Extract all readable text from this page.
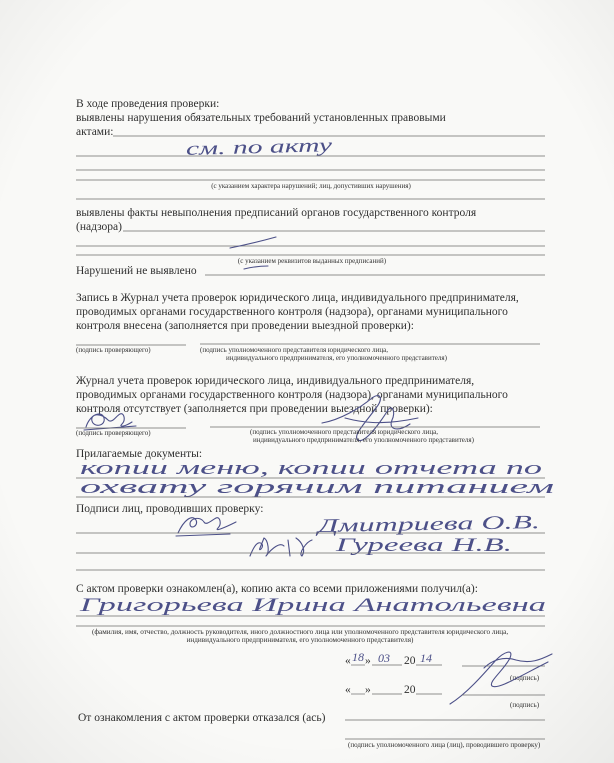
В ходе проведения проверки:
выявлены нарушения обязательных требований установленных правовыми
актами:
см. по акту
(с указанием характера нарушений; лиц, допустивших нарушения)
выявлены факты невыполнения предписаний органов государственного контроля
(надзора)
(с указанием реквизитов выданных предписаний)
Нарушений не выявлено
Запись в Журнал учета проверок юридического лица, индивидуального предпринимателя,
проводимых органами государственного контроля (надзора), органами муниципального
контроля внесена (заполняется при проведении выездной проверки):
(подпись проверяющего)	(подпись уполномоченного представителя юридического лица,
индивидуального предпринимателя, его уполномоченного представителя)
Журнал учета проверок юридического лица, индивидуального предпринимателя,
проводимых органами государственного контроля (надзора), органами муниципального
контроля отсутствует (заполняется при проведении выездной проверки):
(подпись проверяющего)	(подпись уполномоченного представителя юридического лица,
индивидуального предпринимателя, его уполномоченного представителя)
Прилагаемые документы:
копии меню, копии отчета по
охвату горячим питанием
Подписи лиц, проводивших проверку:
Дмитриева О.В.
Гуреева Н.В.
С актом проверки ознакомлен(а), копию акта со всеми приложениями получил(а):
Григорьева Ирина Анатольевна
(фамилия, имя, отчество, должность руководителя, иного должностного лица или уполномоченного представителя юридического лица,
индивидуального предпринимателя, его уполномоченного представителя)
« 18 » 03 20 14
(подпись)
« »	20
(подпись)
От ознакомления с актом проверки отказался (ась)
(подпись уполномоченного лица (лиц), проводившего проверку)
